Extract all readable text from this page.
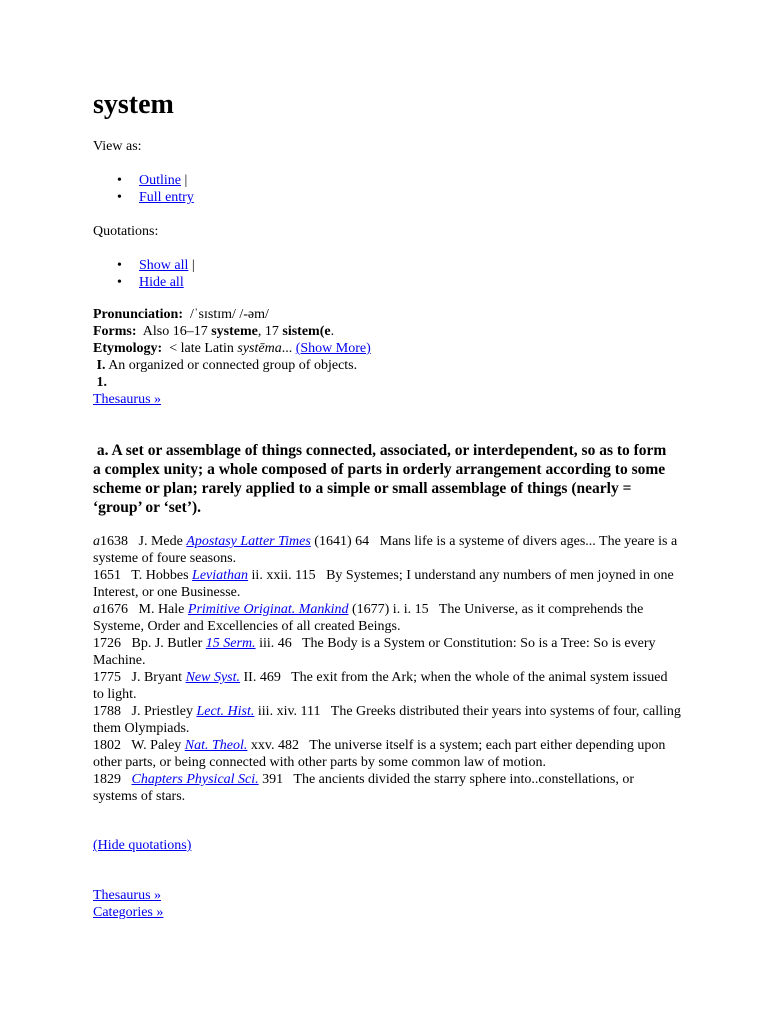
system

View as:

• Outline |
• Full entry

Quotations:

• Show all |
• Hide all
Pronunciation: /ˈsɪstɪm/ /-əm/
Forms: Also 16–17 systeme, 17 sistem(e.
Etymology: < late Latin systēma... (Show More)
I. An organized or connected group of objects.
1.
Thesaurus »
a. A set or assemblage of things connected, associated, or interdependent, so as to form a complex unity; a whole composed of parts in orderly arrangement according to some scheme or plan; rarely applied to a simple or small assemblage of things (nearly = ‘group’ or ‘set’).
a1638 J. Mede Apostasy Latter Times (1641) 64 Mans life is a systeme of divers ages... The yeare is a systeme of foure seasons.
1651 T. Hobbes Leviathan ii. xxii. 115 By Systemes; I understand any numbers of men joyned in one Interest, or one Businesse.
a1676 M. Hale Primitive Originat. Mankind (1677) i. i. 15 The Universe, as it comprehends the Systeme, Order and Excellencies of all created Beings.
1726 Bp. J. Butler 15 Serm. iii. 46 The Body is a System or Constitution: So is a Tree: So is every Machine.
1775 J. Bryant New Syst. II. 469 The exit from the Ark; when the whole of the animal system issued to light.
1788 J. Priestley Lect. Hist. iii. xiv. 111 The Greeks distributed their years into systems of four, calling them Olympiads.
1802 W. Paley Nat. Theol. xxv. 482 The universe itself is a system; each part either depending upon other parts, or being connected with other parts by some common law of motion.
1829 Chapters Physical Sci. 391 The ancients divided the starry sphere into..constellations, or systems of stars.
(Hide quotations)
Thesaurus »
Categories »
